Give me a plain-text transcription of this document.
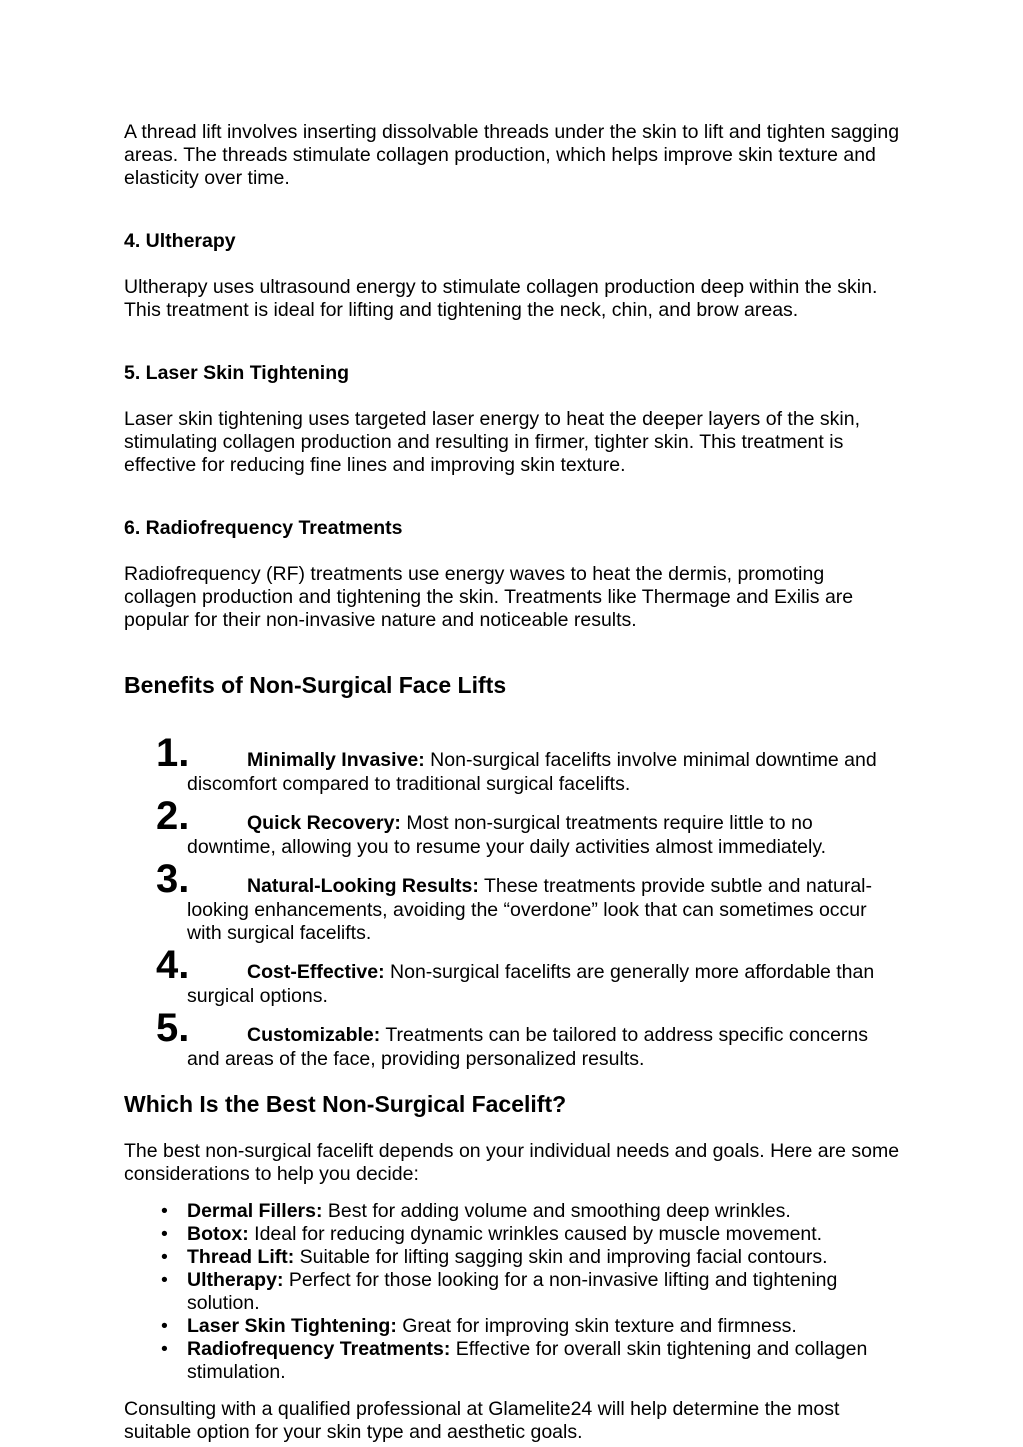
A thread lift involves inserting dissolvable threads under the skin to lift and tighten sagging areas. The threads stimulate collagen production, which helps improve skin texture and elasticity over time.

4. Ultherapy

Ultherapy uses ultrasound energy to stimulate collagen production deep within the skin. This treatment is ideal for lifting and tightening the neck, chin, and brow areas.

5. Laser Skin Tightening

Laser skin tightening uses targeted laser energy to heat the deeper layers of the skin, stimulating collagen production and resulting in firmer, tighter skin. This treatment is effective for reducing fine lines and improving skin texture.

6. Radiofrequency Treatments

Radiofrequency (RF) treatments use energy waves to heat the dermis, promoting collagen production and tightening the skin. Treatments like Thermage and Exilis are popular for their non-invasive nature and noticeable results.

Benefits of Non-Surgical Face Lifts
1.	Minimally Invasive: Non-surgical facelifts involve minimal downtime and discomfort compared to traditional surgical facelifts.
2.	Quick Recovery: Most non-surgical treatments require little to no downtime, allowing you to resume your daily activities almost immediately.
3.	Natural-Looking Results: These treatments provide subtle and natural-looking enhancements, avoiding the “overdone” look that can sometimes occur with surgical facelifts.
4.	Cost-Effective: Non-surgical facelifts are generally more affordable than surgical options.
5.	Customizable: Treatments can be tailored to address specific concerns and areas of the face, providing personalized results.
Which Is the Best Non-Surgical Facelift?

The best non-surgical facelift depends on your individual needs and goals. Here are some considerations to help you decide:

• Dermal Fillers: Best for adding volume and smoothing deep wrinkles.
• Botox: Ideal for reducing dynamic wrinkles caused by muscle movement.
• Thread Lift: Suitable for lifting sagging skin and improving facial contours.
• Ultherapy: Perfect for those looking for a non-invasive lifting and tightening solution.
• Laser Skin Tightening: Great for improving skin texture and firmness.
• Radiofrequency Treatments: Effective for overall skin tightening and collagen stimulation.

Consulting with a qualified professional at Glamelite24 will help determine the most suitable option for your skin type and aesthetic goals.
